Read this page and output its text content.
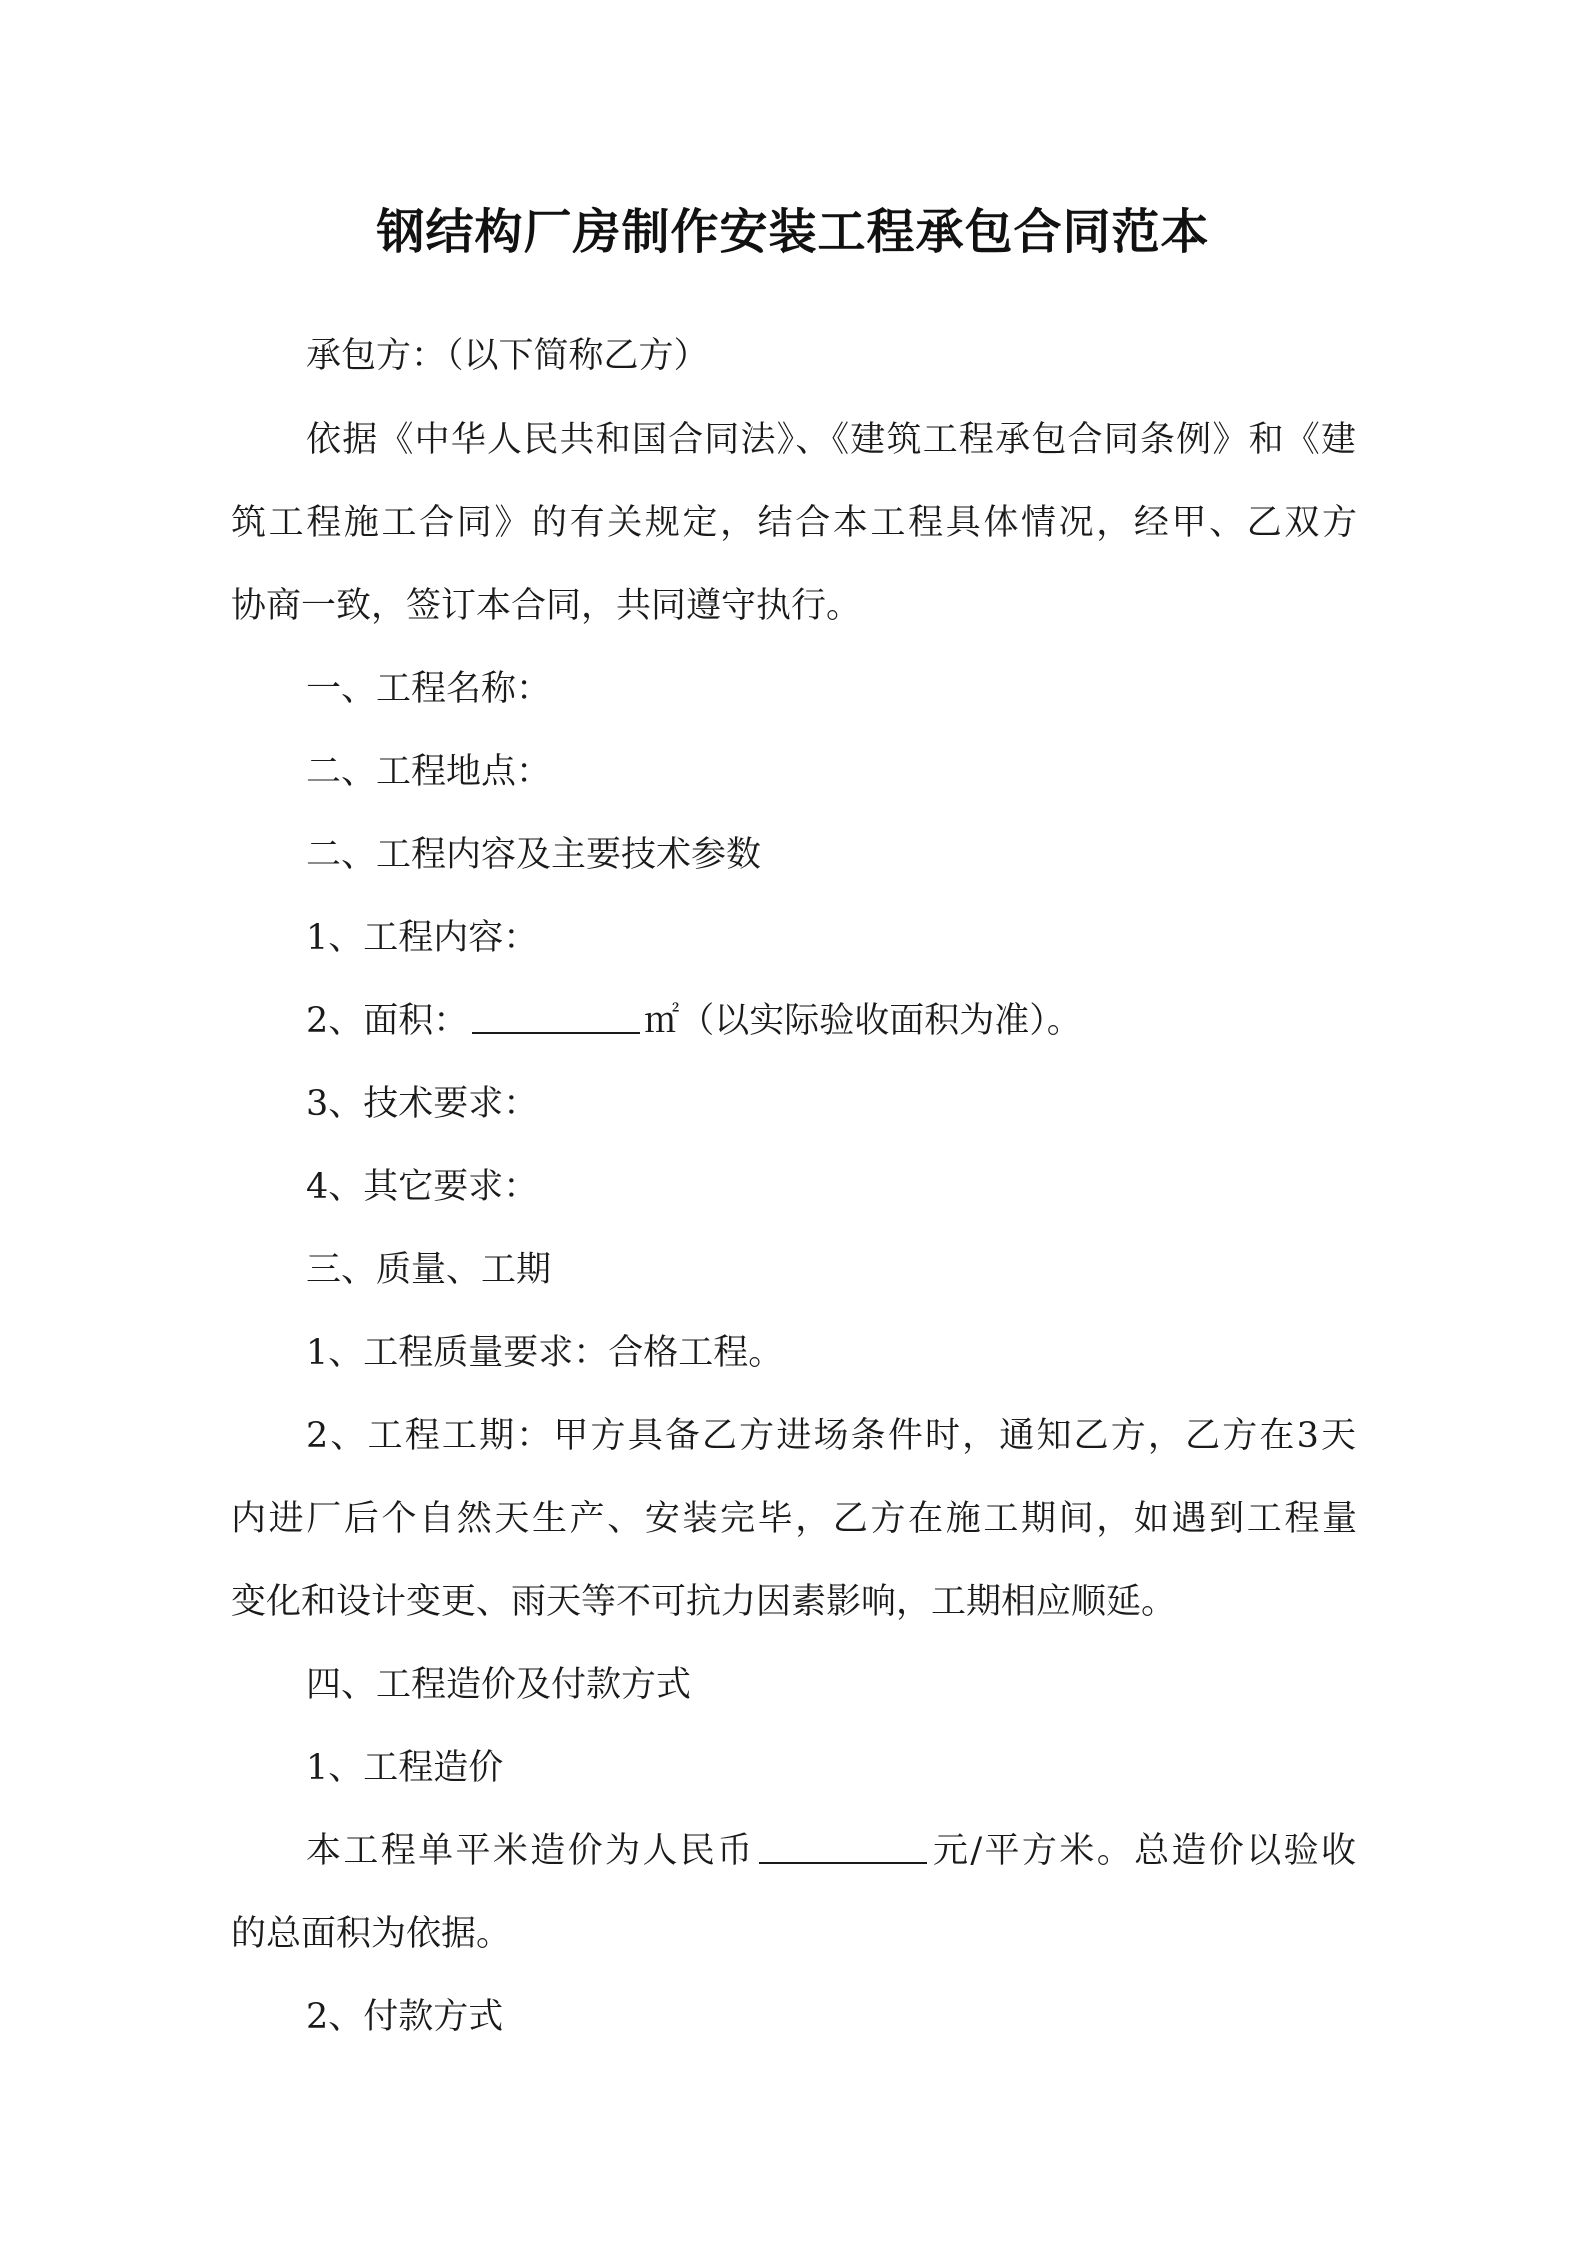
钢结构厂房制作安装工程承包合同范本

承包方：（以下简称乙方）

依据《中华人民共和国合同法》、《建筑工程承包合同条例》和《建

筑工程施工合同》的有关规定，结合本工程具体情况，经甲、乙双方

协商一致，签订本合同，共同遵守执行。

一、工程名称：

二、工程地点：

二、工程内容及主要技术参数

1、工程内容：

2、面积：	㎡（以实际验收面积为准）。

3、技术要求：

4、其它要求：

三、质量、工期

1、工程质量要求：合格工程。

2、工程工期：甲方具备乙方进场条件时，通知乙方，乙方在3天

内进厂后个自然天生产、安装完毕，乙方在施工期间，如遇到工程量

变化和设计变更、雨天等不可抗力因素影响，工期相应顺延。

四、工程造价及付款方式

1、工程造价

本工程单平米造价为人民币	元/平方米。总造价以验收

的总面积为依据。

2、付款方式
